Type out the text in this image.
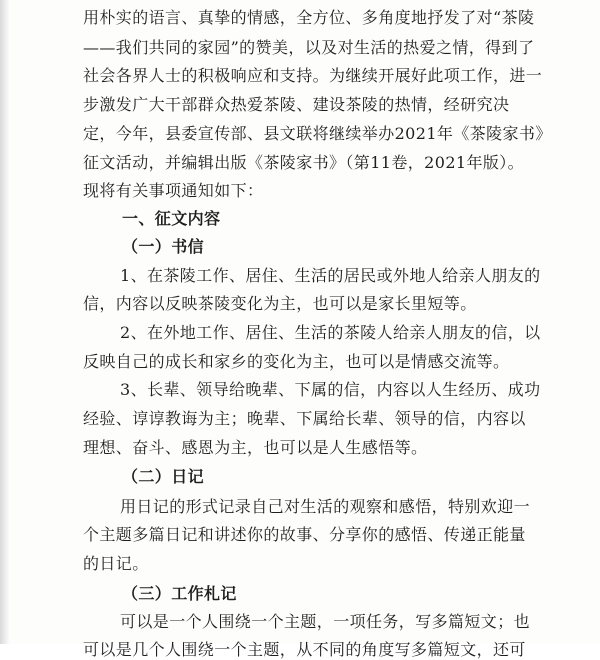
用朴实的语言、真挚的情感，全方位、多角度地抒发了对“茶陵
——我们共同的家园”的赞美，以及对生活的热爱之情，得到了
社会各界人士的积极响应和支持。为继续开展好此项工作，进一
步激发广大干部群众热爱茶陵、建设茶陵的热情，经研究决
定，今年，县委宣传部、县文联将继续举办2021年《茶陵家书》
征文活动，并编辑出版《茶陵家书》（第11卷，2021年版）。
现将有关事项通知如下：
一、征文内容
（一）书信
1、在茶陵工作、居住、生活的居民或外地人给亲人朋友的
信，内容以反映茶陵变化为主，也可以是家长里短等。
2、在外地工作、居住、生活的茶陵人给亲人朋友的信，以
反映自己的成长和家乡的变化为主，也可以是情感交流等。
3、长辈、领导给晚辈、下属的信，内容以人生经历、成功
经验、谆谆教诲为主；晚辈、下属给长辈、领导的信，内容以
理想、奋斗、感恩为主，也可以是人生感悟等。
（二）日记
用日记的形式记录自己对生活的观察和感悟，特别欢迎一
个主题多篇日记和讲述你的故事、分享你的感悟、传递正能量
的日记。
（三）工作札记
可以是一个人围绕一个主题，一项任务，写多篇短文；也
可以是几个人围绕一个主题，从不同的角度写多篇短文，还可
